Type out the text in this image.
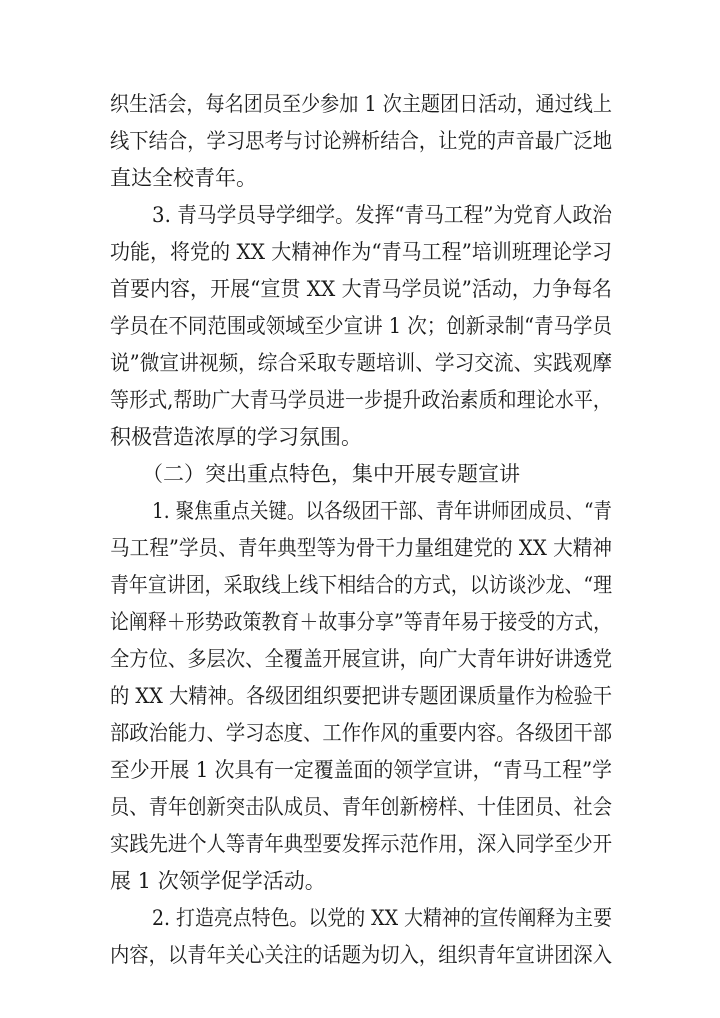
织生活会，每名团员至少参加 1 次主题团日活动，通过线上
线下结合，学习思考与讨论辨析结合，让党的声音最广泛地
直达全校青年。
3. 青马学员导学细学。发挥“青马工程”为党育人政治
功能，将党的 XX 大精神作为“青马工程”培训班理论学习
首要内容，开展“宣贯 XX 大青马学员说”活动，力争每名
学员在不同范围或领域至少宣讲 1 次；创新录制“青马学员
说”微宣讲视频，综合采取专题培训、学习交流、实践观摩
等形式,帮助广大青马学员进一步提升政治素质和理论水平，
积极营造浓厚的学习氛围。
（二）突出重点特色，集中开展专题宣讲
1. 聚焦重点关键。以各级团干部、青年讲师团成员、“青
马工程”学员、青年典型等为骨干力量组建党的 XX 大精神
青年宣讲团，采取线上线下相结合的方式，以访谈沙龙、“理
论阐释＋形势政策教育＋故事分享”等青年易于接受的方式，
全方位、多层次、全覆盖开展宣讲，向广大青年讲好讲透党
的 XX 大精神。各级团组织要把讲专题团课质量作为检验干
部政治能力、学习态度、工作作风的重要内容。各级团干部
至少开展 1 次具有一定覆盖面的领学宣讲，“青马工程”学
员、青年创新突击队成员、青年创新榜样、十佳团员、社会
实践先进个人等青年典型要发挥示范作用，深入同学至少开
展 1 次领学促学活动。
2. 打造亮点特色。以党的 XX 大精神的宣传阐释为主要
内容，以青年关心关注的话题为切入，组织青年宣讲团深入
